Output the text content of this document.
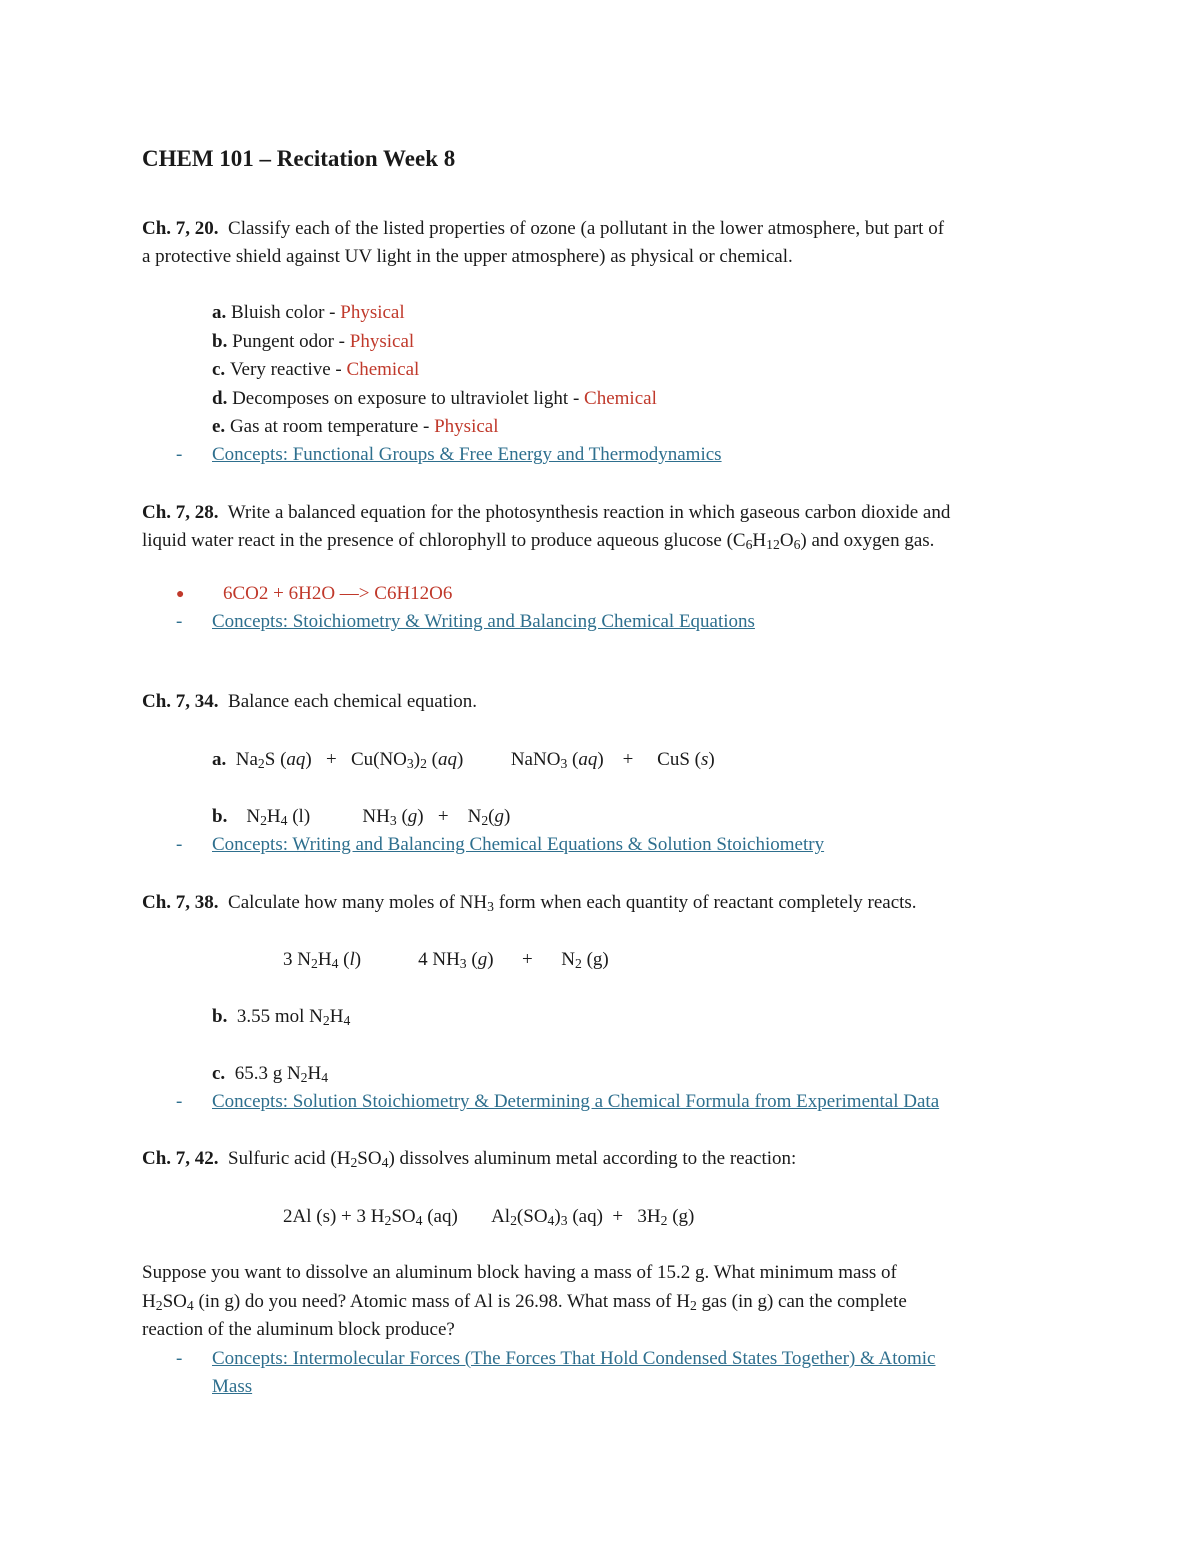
CHEM 101 – Recitation Week 8
Ch. 7, 20. Classify each of the listed properties of ozone (a pollutant in the lower atmosphere, but part of
a protective shield against UV light in the upper atmosphere) as physical or chemical.
a. Bluish color - Physical
b. Pungent odor - Physical
c. Very reactive - Chemical
d. Decomposes on exposure to ultraviolet light - Chemical
e. Gas at room temperature - Physical
- Concepts: Functional Groups & Free Energy and Thermodynamics
Ch. 7, 28. Write a balanced equation for the photosynthesis reaction in which gaseous carbon dioxide and
liquid water react in the presence of chlorophyll to produce aqueous glucose $(C_6H_{12}O_6)$ and oxygen gas.
● 6CO2 + 6H2O —> C6H12O6
- Concepts: Stoichiometry & Writing and Balancing Chemical Equations
Ch. 7, 34. Balance each chemical equation.
a.  $Na_2S$ $(aq) + Cu(NO_3)_2$ (aq)          NaNO$_3$ (aq)    +     CuS (s)
b.    $N_2H_4$ (l)           $NH_3$ (g)   +    $N_2(g)$
- Concepts: Writing and Balancing Chemical Equations & Solution Stoichiometry
Ch. 7, 38. Calculate how many moles of $NH_3$ form when each quantity of reactant completely reacts.
3 $N_2H_4$ (l)            4 $NH_3$ (g)      +      $N_2$ (g)
b. 3.55 mol $N_2H_4$
c. 65.3 g $N_2H_4$
- Concepts: Solution Stoichiometry & Determining a Chemical Formula from Experimental Data
Ch. 7, 42. Sulfuric acid $(H_2SO_4)$ dissolves aluminum metal according to the reaction:
2Al (s) + 3 $H_2SO_4$ (aq)       $Al_2(SO_4)_3$ $(aq) + 3H_2$ (g)
Suppose you want to dissolve an aluminum block having a mass of 15.2 g. What minimum mass of
$H_2SO_4$ (in g) do you need? Atomic mass of Al is 26.98. What mass of $H_2$ gas (in g) can the complete
reaction of the aluminum block produce?
- Concepts: Intermolecular Forces (The Forces That Hold Condensed States Together) & Atomic
Mass
